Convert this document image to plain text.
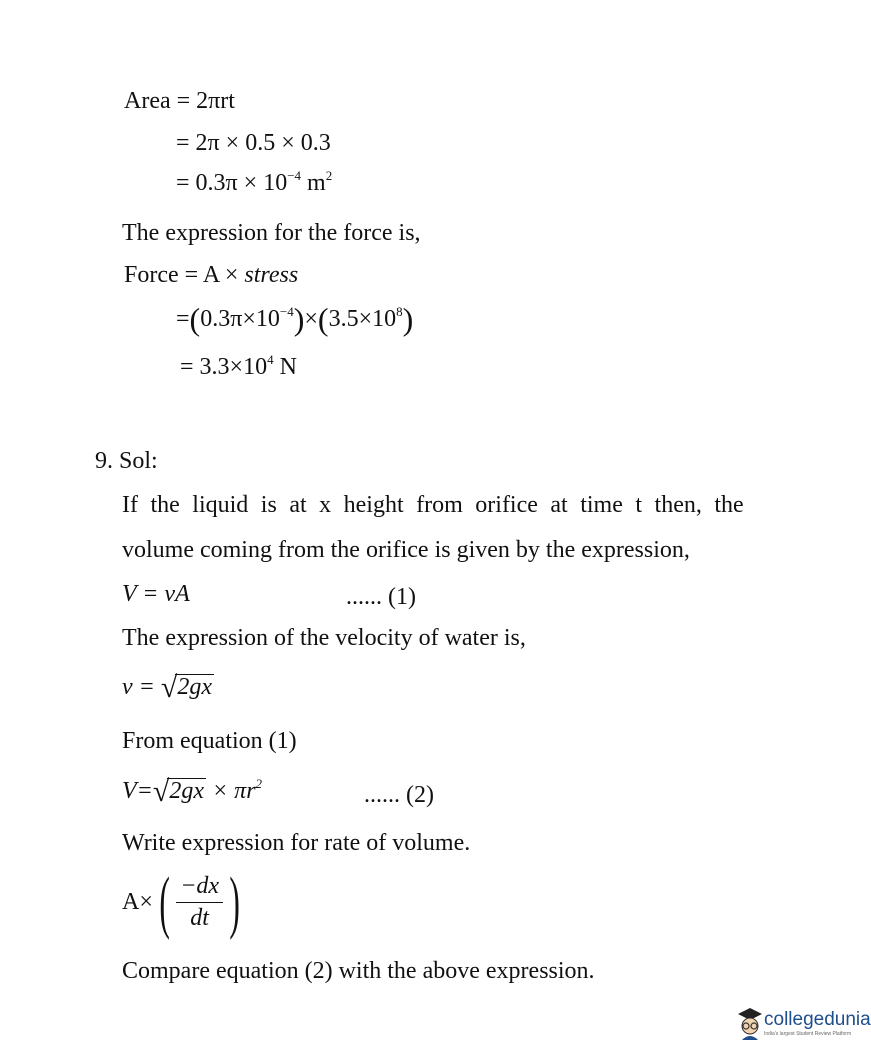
Area = 2πrt
= 2π × 0.5 × 0.3
= $0.3\pi \times 10^{-4}$ $m^2$
The expression for the force is,
Force = A × stress
$=(0.3\pi\times 10^{-4})\times(3.5\times 10^8)$
= $3.3\times 10^4$ N
9. Sol:
If the liquid is at x height from orifice at time t then, the
volume coming from the orifice is given by the expression,
V = vA	...... (1)
The expression of the velocity of water is,
v = √2gx
From equation (1)
$V=√2gx \times \pi r^2$	...... (2)
Write expression for rate of volume.
A× ( $\frac{-dx}{dt}$ )
Compare equation (2) with the above expression.
collegedunia
India's largest Student Review Platform
